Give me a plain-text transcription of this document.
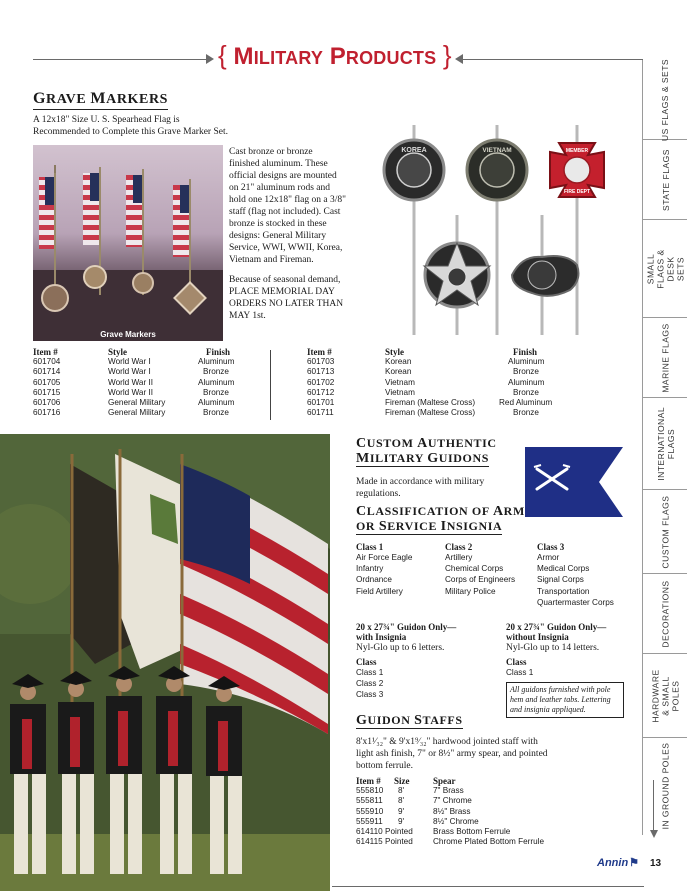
{ MILITARY PRODUCTS }
US FLAGS & SETS
STATE FLAGS
SMALL FLAGS & DESK SETS
MARINE FLAGS
INTERNATIONAL FLAGS
CUSTOM FLAGS
DECORATIONS
HARDWARE & SMALL POLES
IN GROUND POLES
GRAVE MARKERS
A 12x18" Size U. S. Spearhead Flag is
Recommended to Complete this Grave Marker Set.
Grave Markers
Cast bronze or bronze
finished aluminum. These
official designs are mounted
on 21" aluminum rods and
hold one 12x18" flag on a 3/8"
staff (flag not included). Cast
bronze is stocked in these
designs: General Military
Service, WWI, WWII, Korea,
Vietnam and Fireman.
Because of seasonal demand,
PLACE MEMORIAL DAY
ORDERS NO LATER THAN
MAY 1st.
KOREA	VIETNAM	MEMBER
FIRE DEPT
Item #	Style	Finish
601704	World War I	Aluminum
601714	World War I	Bronze
601705	World War II	Aluminum
601715	World War II	Bronze
601706	General Military	Aluminum
601716	General Military	Bronze
Item #	Style	Finish
601703	Korean	Aluminum
601713	Korean	Bronze
601702	Vietnam	Aluminum
601712	Vietnam	Bronze
601701	Fireman (Maltese Cross)	Red Aluminum
601711	Fireman (Maltese Cross)	Bronze
CUSTOM AUTHENTIC
MILITARY GUIDONS
Made in accordance with military
regulations.
CLASSIFICATION OF ARM
OR SERVICE INSIGNIA
Class 1
Air Force Eagle
Infantry
Ordnance
Field Artillery
Class 2
Artillery
Chemical Corps
Corps of Engineers
Military Police
Class 3
Armor
Medical Corps
Signal Corps
Transportation
Quartermaster Corps
20 x 27¾" Guidon Only—
with Insignia
Nyl-Glo up to 6 letters.
Class
Class 1
Class 2
Class 3
20 x 27¾" Guidon Only—
without Insignia
Nyl-Glo up to 14 letters.
Class
Class 1
All guidons furnished with pole hem and leather tabs. Lettering and insignia appliqued.
GUIDON STAFFS
8'x1¹⁄₃₂" & 9'x1⁹⁄₃₂" hardwood jointed staff with
light ash finish, 7" or 8½" army spear, and pointed
bottom ferrule.
Item # Size	Spear
555810 8'	7" Brass
555811 8'	7" Chrome
555910 9'	8½" Brass
555911 9'	8½" Chrome
614110 Pointed Brass Bottom Ferrule
614115 Pointed Chrome Plated Bottom Ferrule
Annin⚑ 13
